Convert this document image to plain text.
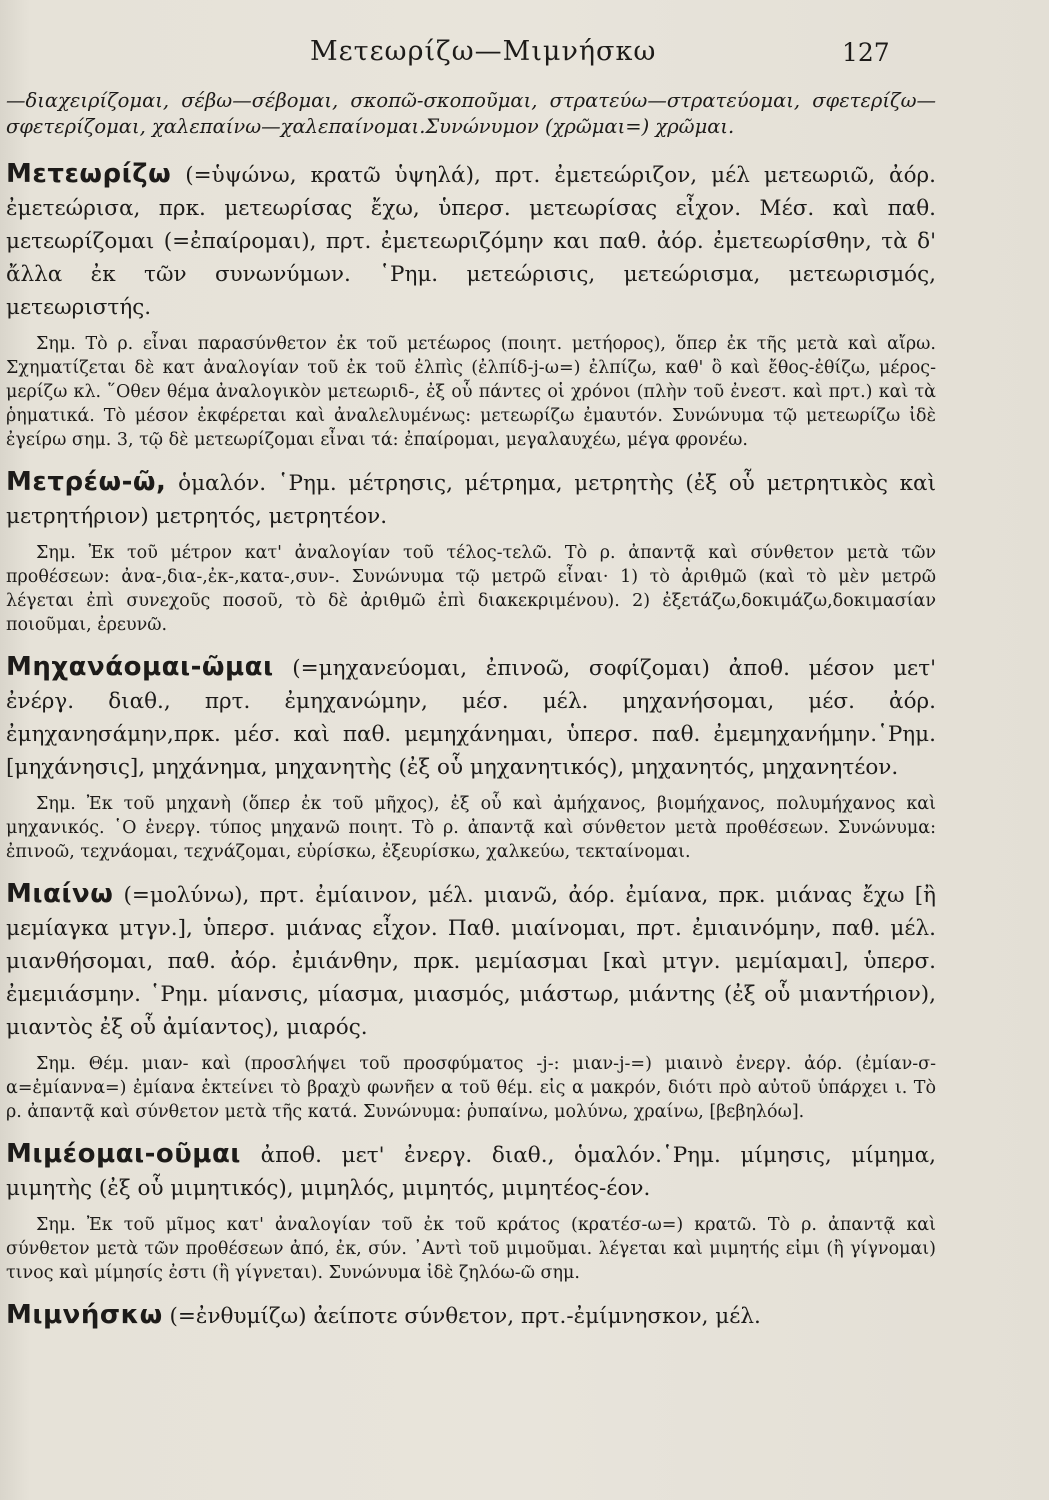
Μετεωρίζω—Μιμνήσκω	127

—διαχειρίζομαι, σέβω—σέβομαι, σκοπῶ-σκοποῦμαι, στρατεύω—στρατεύομαι, σφετερίζω—σφετερίζομαι, χαλεπαίνω—χαλεπαίνομαι.Συνώνυμον (χρῶμαι=) χρῶμαι.

Μετεωρίζω (=ὑψώνω, κρατῶ ὑψηλά), πρτ. ἐμετεώριζον, μέλ μετεωριῶ, ἀόρ. ἐμετεώρισα, πρκ. μετεωρίσας ἔχω, ὑπερσ. μετεωρίσας εἶχον. Μέσ. καὶ παθ. μετεωρίζομαι (=ἐπαίρομαι), πρτ. ἐμετεωριζόμην και παθ. ἀόρ. ἐμετεωρίσθην, τὰ δ' ἄλλα ἐκ τῶν συνωνύμων. ῾Ρημ. μετεώρισις, μετεώρισμα, μετεωρισμός, μετεωριστής.

Σημ. Τὸ ρ. εἶναι παρασύνθετον ἐκ τοῦ μετέωρος (ποιητ. μετήορος), ὅπερ ἐκ τῆς μετὰ καὶ αἴρω. Σχηματίζεται δὲ κατ ἀναλογίαν τοῦ ἐκ τοῦ ἐλπὶς (ἐλπίδ-j-ω=) ἐλπίζω, καθ' ὃ καὶ ἔθος-ἐθίζω, μέρος-μερίζω κλ. ῞Οθεν θέμα ἀναλογικὸν μετεωριδ-, ἐξ οὗ πάντες οἱ χρόνοι (πλὴν τοῦ ἐνεστ. καὶ πρτ.) καὶ τὰ ῥηματικά. Τὸ μέσον ἐκφέρεται καὶ ἀναλελυμένως: μετεωρίζω ἐμαυτόν. Συνώνυμα τῷ μετεωρίζω ἰδὲ ἐγείρω σημ. 3, τῷ δὲ μετεωρίζομαι εἶναι τά: ἐπαίρομαι, μεγαλαυχέω, μέγα φρονέω.

Μετρέω-ῶ, ὁμαλόν. ῾Ρημ. μέτρησις, μέτρημα, μετρητὴς (ἐξ οὗ μετρητικὸς καὶ μετρητήριον) μετρητός, μετρητέον.

Σημ. Ἐκ τοῦ μέτρον κατ' ἀναλογίαν τοῦ τέλος-τελῶ. Τὸ ρ. ἀπαντᾷ καὶ σύνθετον μετὰ τῶν προθέσεων: ἀνα-,δια-,ἐκ-,κατα-,συν-. Συνώνυμα τῷ μετρῶ εἶναι· 1) τὸ ἀριθμῶ (καὶ τὸ μὲν μετρῶ λέγεται ἐπὶ συνεχοῦς ποσοῦ, τὸ δὲ ἀριθμῶ ἐπὶ διακεκριμένου). 2) ἐξετάζω,δοκιμάζω,δοκιμασίαν ποιοῦμαι, ἐρευνῶ.

Μηχανάομαι-ῶμαι (=μηχανεύομαι, ἐπινοῶ, σοφίζομαι) ἀποθ. μέσον μετ' ἐνέργ. διαθ., πρτ. ἐμηχανώμην, μέσ. μέλ. μηχανήσομαι, μέσ. ἀόρ. ἐμηχανησάμην,πρκ. μέσ. καὶ παθ. μεμηχάνημαι, ὑπερσ. παθ. ἐμεμηχανήμην.῾Ρημ. [μηχάνησις], μηχάνημα, μηχανητὴς (ἐξ οὗ μηχανητικός), μηχανητός, μηχανητέον.

Σημ. Ἐκ τοῦ μηχανὴ (ὅπερ ἐκ τοῦ μῆχος), ἐξ οὗ καὶ ἀμήχανος, βιομήχανος, πολυμήχανος καὶ μηχανικός. ῾Ο ἐνεργ. τύπος μηχανῶ ποιητ. Τὸ ρ. ἀπαντᾷ καὶ σύνθετον μετὰ προθέσεων. Συνώνυμα: ἐπινοῶ, τεχνάομαι, τεχνάζομαι, εὑρίσκω, ἐξευρίσκω, χαλκεύω, τεκταίνομαι.

Μιαίνω (=μολύνω), πρτ. ἐμίαινον, μέλ. μιανῶ, ἀόρ. ἐμίανα, πρκ. μιάνας ἔχω [ἢ μεμίαγκα μτγν.], ὑπερσ. μιάνας εἶχον. Παθ. μιαίνομαι, πρτ. ἐμιαινόμην, παθ. μέλ. μιανθήσομαι, παθ. ἀόρ. ἐμιάνθην, πρκ. μεμίασμαι [καὶ μτγν. μεμίαμαι], ὑπερσ. ἐμεμιάσμην. ῾Ρημ. μίανσις, μίασμα, μιασμός, μιάστωρ, μιάντης (ἐξ οὗ μιαντήριον), μιαντὸς ἐξ οὗ ἀμίαντος), μιαρός.

Σημ. Θέμ. μιαν- καὶ (προσλήψει τοῦ προσφύματος -j-: μιαν-j-=) μιαινὸ ἐνεργ. ἀόρ. (ἐμίαν-σ-α=ἐμίαννα=) ἐμίανα ἐκτείνει τὸ βραχὺ φωνῆεν α τοῦ θέμ. εἰς α μακρόν, διότι πρὸ αὐτοῦ ὑπάρχει ι. Τὸ ρ. ἀπαντᾷ καὶ σύνθετον μετὰ τῆς κατά. Συνώνυμα: ῥυπαίνω, μολύνω, χραίνω, [βεβηλόω].

Μιμέομαι-οῦμαι ἀποθ. μετ' ἐνεργ. διαθ., ὁμαλόν.῾Ρημ. μίμησις, μίμημα, μιμητὴς (ἐξ οὗ μιμητικός), μιμηλός, μιμητός, μιμητέος-έον.

Σημ. Ἐκ τοῦ μῖμος κατ' ἀναλογίαν τοῦ ἐκ τοῦ κράτος (κρατέσ-ω=) κρατῶ. Τὸ ρ. ἀπαντᾷ καὶ σύνθετον μετὰ τῶν προθέσεων ἀπό, ἐκ, σύν. ᾿Αντὶ τοῦ μιμοῦμαι. λέγεται καὶ μιμητής εἰμι (ἢ γίγνομαι) τινος καὶ μίμησίς ἐστι (ἢ γίγνεται). Συνώνυμα ἰδὲ ζηλόω-ῶ σημ.

Μιμνήσκω (=ἐνθυμίζω) ἀείποτε σύνθετον, πρτ.-ἐμίμνησκον, μέλ.
